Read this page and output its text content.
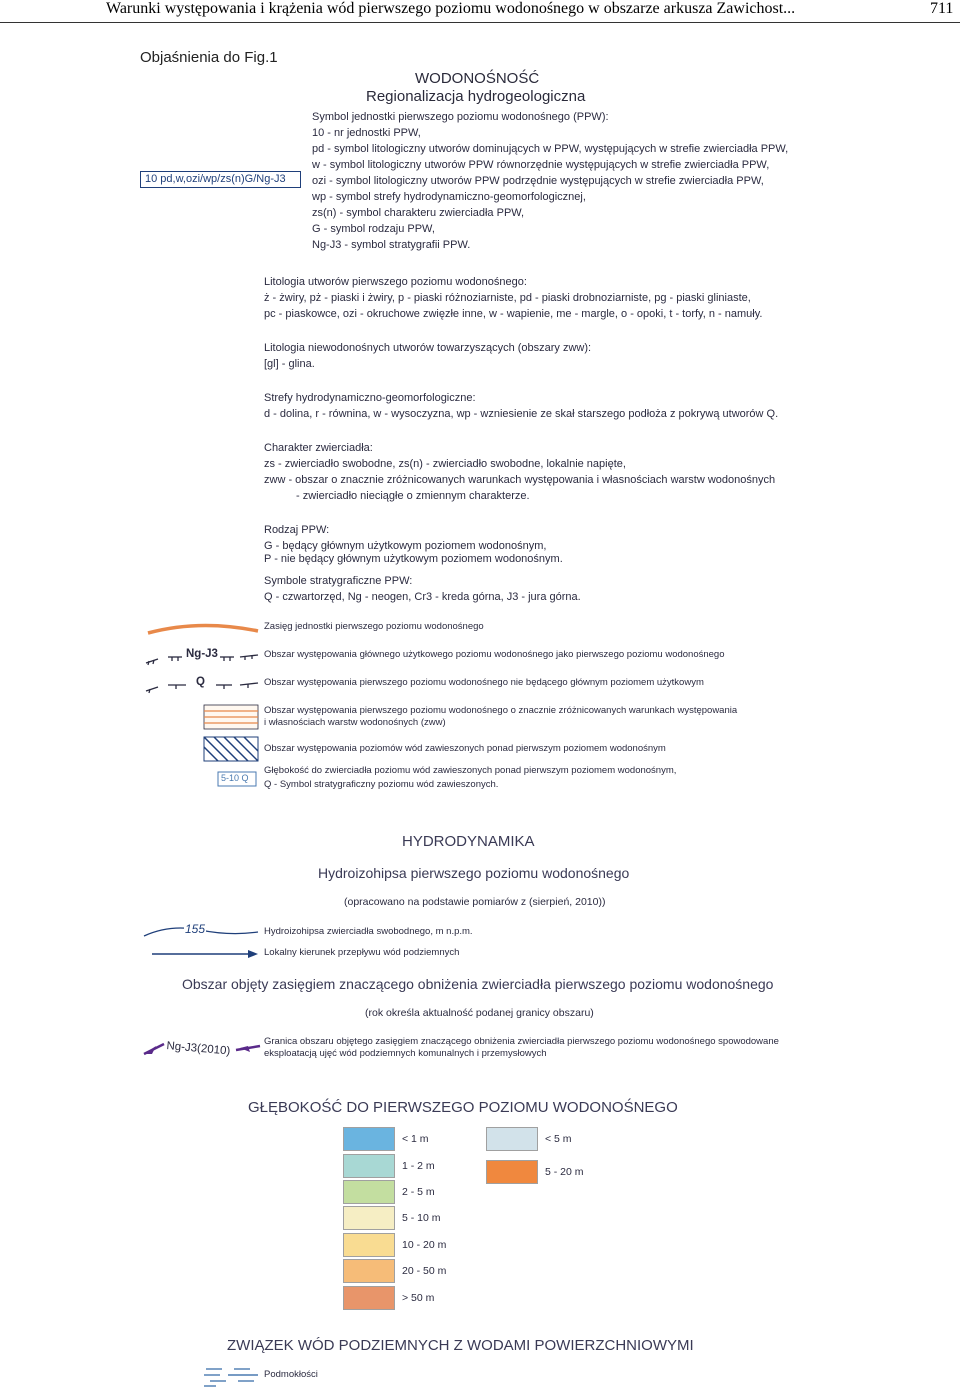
Warunki występowania i krążenia wód pierwszego poziomu wodonośnego w obszarze arkusza Zawichost...	711
Objaśnienia do Fig.1
WODONOŚNOŚĆ
Regionalizacja hydrogeologiczna
10 pd,w,ozi/wp/zs(n)G/Ng-J3
Symbol jednostki pierwszego poziomu wodonośnego (PPW):
10 - nr jednostki PPW,
pd - symbol litologiczny utworów dominujących w PPW, występujących w strefie zwierciadła PPW,
w - symbol litologiczny utworów PPW równorzędnie występujących w strefie zwierciadła PPW,
ozi - symbol litologiczny utworów PPW podrzędnie występujących w strefie zwierciadła PPW,
wp - symbol strefy hydrodynamiczno-geomorfologicznej,
zs(n) - symbol charakteru zwierciadła PPW,
G - symbol rodzaju PPW,
Ng-J3 - symbol stratygrafii PPW.
Litologia utworów pierwszego poziomu wodonośnego:
ż - żwiry, pż - piaski i żwiry, p - piaski różnoziarniste, pd - piaski drobnoziarniste, pg - piaski gliniaste,
pc - piaskowce, ozi - okruchowe zwięzłe inne, w - wapienie, me - margle, o - opoki, t - torfy, n - namuły.
Litologia niewodonośnych utworów towarzyszących (obszary zww):
[gl] - glina.
Strefy hydrodynamiczno-geomorfologiczne:
d - dolina, r - równina, w - wysoczyzna, wp - wzniesienie ze skał starszego podłoża z pokrywą utworów Q.
Charakter zwierciadła:
zs - zwierciadło swobodne, zs(n) - zwierciadło swobodne, lokalnie napięte,
zww - obszar o znacznie zróżnicowanych warunkach występowania i własnościach warstw wodonośnych
- zwierciadło nieciągłe o zmiennym charakterze.
Rodzaj PPW:
G - będący głównym użytkowym poziomem wodonośnym,
P - nie będący głównym użytkowym poziomem wodonośnym.
Symbole stratygraficzne PPW:
Q - czwartorzęd, Ng - neogen, Cr3 - kreda górna, J3 - jura górna.
Ng-J3
Q
5-10 Q
Zasięg jednostki pierwszego poziomu wodonośnego
Obszar występowania głównego użytkowego poziomu wodonośnego jako pierwszego poziomu wodonośnego
Obszar występowania pierwszego poziomu wodonośnego nie będącego głównym poziomem użytkowym
Obszar występowania pierwszego poziomu wodonośnego o znacznie zróżnicowanych warunkach występowania
i własnościach warstw wodonośnych (zww)
Obszar występowania poziomów wód zawieszonych ponad pierwszym poziomem wodonośnym
Głębokość do zwierciadła poziomu wód zawieszonych ponad pierwszym poziomem wodonośnym,
Q - Symbol stratygraficzny poziomu wód zawieszonych.
HYDRODYNAMIKA
Hydroizohipsa pierwszego poziomu wodonośnego
(opracowano na podstawie pomiarów z (sierpień, 2010))
155	Hydroizohipsa zwierciadła swobodnego, m n.p.m.
Lokalny kierunek przepływu wód podziemnych
Obszar objęty zasięgiem znaczącego obniżenia zwierciadła pierwszego poziomu wodonośnego
(rok określa aktualność podanej granicy obszaru)
Ng-J3(2010)	Granica obszaru objętego zasięgiem znaczącego obniżenia zwierciadła pierwszego poziomu wodonośnego spowodowane
eksploatacją ujęć wód podziemnych komunalnych i przemysłowych
GŁĘBOKOŚĆ DO PIERWSZEGO POZIOMU WODONOŚNEGO
< 1 m
1 - 2 m
2 - 5 m
5 - 10 m
10 - 20 m
20 - 50 m
> 50 m
< 5 m
5 - 20 m
ZWIĄZEK WÓD PODZIEMNYCH Z WODAMI POWIERZCHNIOWYMI
Podmokłości
